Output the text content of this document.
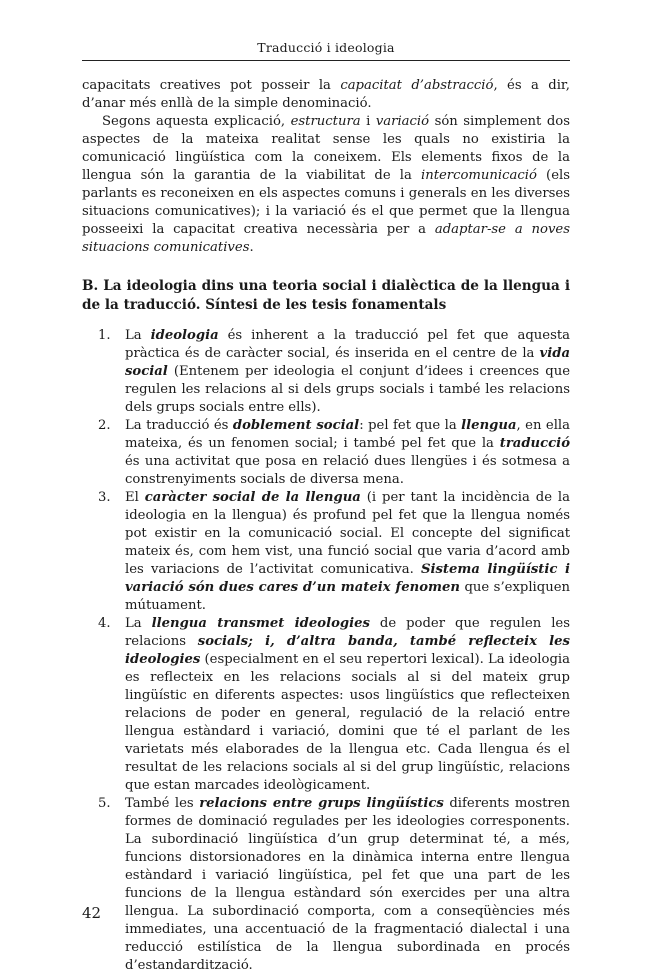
Traducció i ideologia

capacitats creatives pot posseir la capacitat d’abstracció, és a dir, d’anar més enllà de la simple denominació.

Segons aquesta explicació, estructura i variació són simplement dos aspectes de la mateixa realitat sense les quals no existiria la comunicació lingüística com la coneixem. Els elements fixos de la llengua són la garantia de la viabilitat de la intercomunicació (els parlants es reconeixen en els aspectes comuns i generals en les diverses situacions comunicatives); i la variació és el que permet que la llengua posseeixi la capacitat creativa necessària per a adaptar-se a noves situacions comunicatives.

B. La ideologia dins una teoria social i dialèctica de la llengua i de la traducció. Síntesi de les tesis fonamentals

1. La ideologia és inherent a la traducció pel fet que aquesta pràctica és de caràcter social, és inserida en el centre de la vida social (Entenem per ideologia el conjunt d’idees i creences que regulen les relacions al si dels grups socials i també les relacions dels grups socials entre ells).
2. La traducció és doblement social: pel fet que la llengua, en ella mateixa, és un fenomen social; i també pel fet que la traducció és una activitat que posa en relació dues llengües i és sotmesa a constrenyiments socials de diversa mena.
3. El caràcter social de la llengua (i per tant la incidència de la ideologia en la llengua) és profund pel fet que la llengua només pot existir en la comunicació social. El concepte del significat mateix és, com hem vist, una funció social que varia d’acord amb les variacions de l’activitat comunicativa. Sistema lingüístic i variació són dues cares d’un mateix fenomen que s’expliquen mútuament.
4. La llengua transmet ideologies de poder que regulen les relacions socials; i, d’altra banda, també reflecteix les ideologies (especialment en el seu repertori lexical). La ideologia es reflecteix en les relacions socials al si del mateix grup lingüístic en diferents aspectes: usos lingüístics que reflecteixen relacions de poder en general, regulació de la relació entre llengua estàndard i variació, domini que té el parlant de les varietats més elaborades de la llengua etc. Cada llengua és el resultat de les relacions socials al si del grup lingüístic, relacions que estan marcades ideològicament.
5. També les relacions entre grups lingüístics diferents mostren formes de dominació regulades per les ideologies corresponents. La subordinació lingüística d’un grup determinat té, a més, funcions distorsionadores en la dinàmica interna entre llengua estàndard i variació lingüística, pel fet que una part de les funcions de la llengua estàndard són exercides per una altra llengua. La subordinació comporta, com a conseqüències més immediates, una accentuació de la fragmentació dialectal i una reducció estilística de la llengua subordinada en procés d’estandardització.
42
